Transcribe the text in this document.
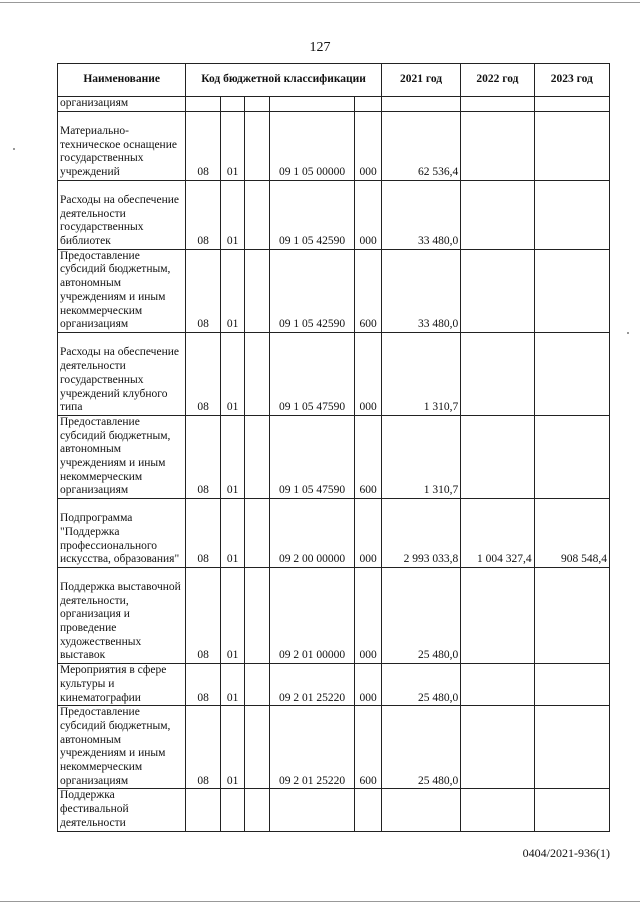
127
Наименование	Код бюджетной классификации					2021 год	2022 год	2023 год
организациям								
Материально-техническое оснащение государственных учреждений	08	01		09 1 05 00000	000	62 536,4		
Расходы на обеспечение деятельности государственных библиотек	08	01		09 1 05 42590	000	33 480,0		
Предоставление субсидий бюджетным, автономным учреждениям и иным некоммерческим организациям	08	01		09 1 05 42590	600	33 480,0		
Расходы на обеспечение деятельности государственных учреждений клубного типа	08	01		09 1 05 47590	000	1 310,7		
Предоставление субсидий бюджетным, автономным учреждениям и иным некоммерческим организациям	08	01		09 1 05 47590	600	1 310,7		
Подпрограмма "Поддержка профессионального искусства, образования"	08	01		09 2 00 00000	000	2 993 033,8	1 004 327,4	908 548,4
Поддержка выставочной деятельности, организация и проведение художественных выставок	08	01		09 2 01 00000	000	25 480,0		
Мероприятия в сфере культуры и кинематографии	08	01		09 2 01 25220	000	25 480,0		
Предоставление субсидий бюджетным, автономным учреждениям и иным некоммерческим организациям	08	01		09 2 01 25220	600	25 480,0		
Поддержка фестивальной деятельности								
0404/2021-936(1)
